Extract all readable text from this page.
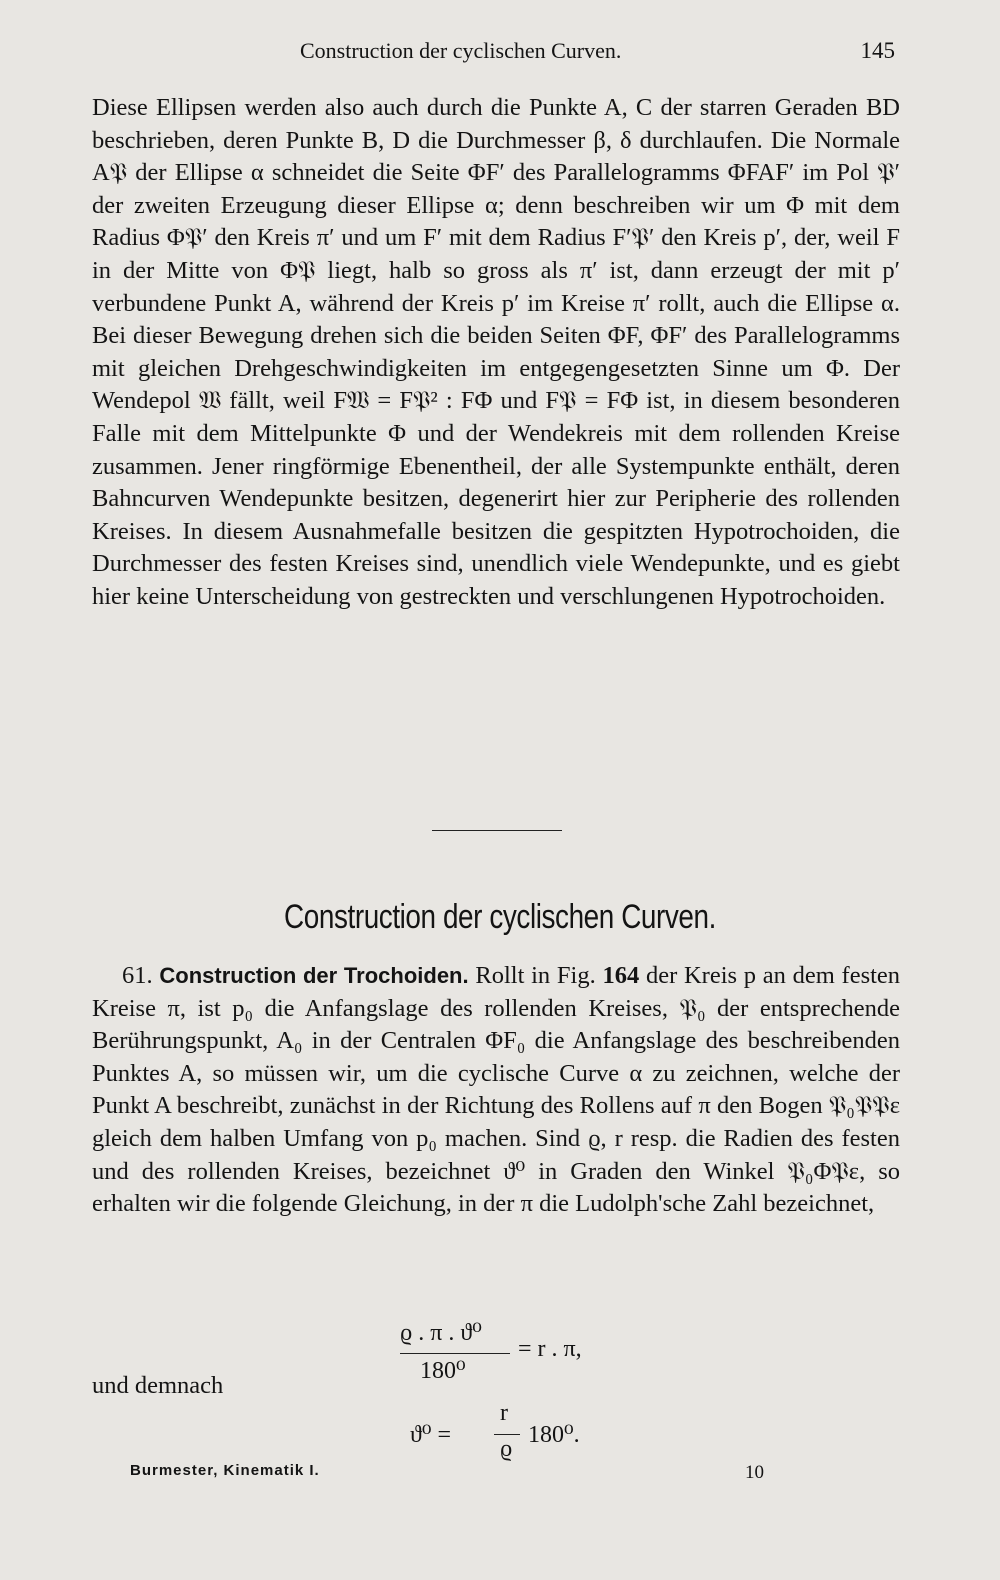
Construction der cyclischen Curven.	145

Diese Ellipsen werden also auch durch die Punkte A, C der starren Geraden BD beschrieben, deren Punkte B, D die Durchmesser β, δ durchlaufen. Die Normale A𝔓 der Ellipse α schneidet die Seite ΦF′ des Parallelogramms ΦFAF′ im Pol 𝔓′ der zweiten Erzeugung dieser Ellipse α; denn beschreiben wir um Φ mit dem Radius Φ𝔓′ den Kreis π′ und um F′ mit dem Radius F′𝔓′ den Kreis p′, der, weil F in der Mitte von Φ𝔓 liegt, halb so gross als π′ ist, dann erzeugt der mit p′ verbundene Punkt A, während der Kreis p′ im Kreise π′ rollt, auch die Ellipse α. Bei dieser Bewegung drehen sich die beiden Seiten ΦF, ΦF′ des Parallelogramms mit gleichen Drehgeschwindigkeiten im entgegengesetzten Sinne um Φ. Der Wendepol 𝔚 fällt, weil F𝔚 = F𝔓² : FΦ und F𝔓 = FΦ ist, in diesem besonderen Falle mit dem Mittelpunkte Φ und der Wendekreis mit dem rollenden Kreise zusammen. Jener ringförmige Ebenentheil, der alle Systempunkte enthält, deren Bahncurven Wendepunkte besitzen, degenerirt hier zur Peripherie des rollenden Kreises. In diesem Ausnahmefalle besitzen die gespitzten Hypotrochoiden, die Durchmesser des festen Kreises sind, unendlich viele Wendepunkte, und es giebt hier keine Unterscheidung von gestreckten und verschlungenen Hypotrochoiden.

Construction der cyclischen Curven.

61. Construction der Trochoiden. Rollt in Fig. 164 der Kreis p an dem festen Kreise π, ist p₀ die Anfangslage des rollenden Kreises, 𝔓₀ der entsprechende Berührungspunkt, A₀ in der Centralen ΦF₀ die Anfangslage des beschreibenden Punktes A, so müssen wir, um die cyclische Curve α zu zeichnen, welche der Punkt A beschreibt, zunächst in der Richtung des Rollens auf π den Bogen 𝔓₀𝔓𝔓ε gleich dem halben Umfang von p₀ machen. Sind ϱ, r resp. die Radien des festen und des rollenden Kreises, bezeichnet ϑ⁰ in Graden den Winkel 𝔓₀Φ𝔓ε, so erhalten wir die folgende Gleichung, in der π die Ludolph'sche Zahl bezeichnet,

ϱ . π . ϑ⁰
180⁰
= r . π,
und demnach
ϑ⁰ =
r
ϱ
180⁰.
Burmester, Kinematik I.	10
